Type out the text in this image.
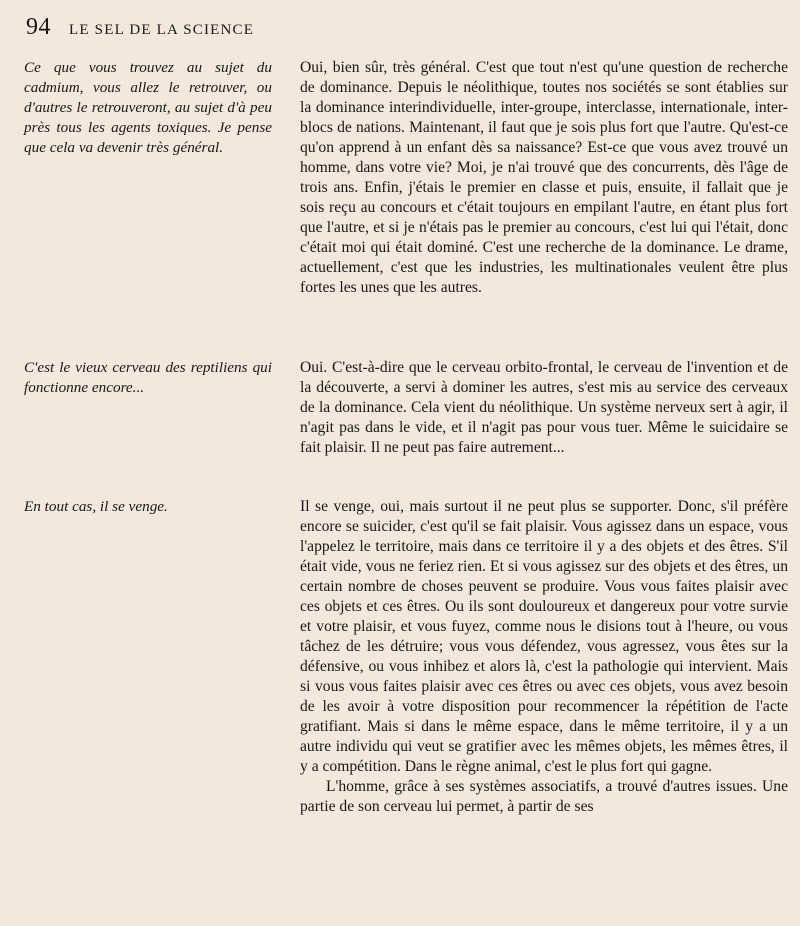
94 LE SEL DE LA SCIENCE
Ce que vous trouvez au sujet du cadmium, vous allez le retrouver, ou d'autres le retrouveront, au sujet d'à peu près tous les agents toxiques. Je pense que cela va devenir très général.

Oui, bien sûr, très général. C'est que tout n'est qu'une question de recherche de dominance. Depuis le néolithique, toutes nos sociétés se sont établies sur la dominance interindividuelle, inter-groupe, interclasse, internationale, inter-blocs de nations. Maintenant, il faut que je sois plus fort que l'autre. Qu'est-ce qu'on apprend à un enfant dès sa naissance? Est-ce que vous avez trouvé un homme, dans votre vie? Moi, je n'ai trouvé que des concurrents, dès l'âge de trois ans. Enfin, j'étais le premier en classe et puis, ensuite, il fallait que je sois reçu au concours et c'était toujours en empilant l'autre, en étant plus fort que l'autre, et si je n'étais pas le premier au concours, c'est lui qui l'était, donc c'était moi qui était dominé. C'est une recherche de la dominance. Le drame, actuellement, c'est que les industries, les multinationales veulent être plus fortes les unes que les autres.

C'est le vieux cerveau des reptiliens qui fonctionne encore...

Oui. C'est-à-dire que le cerveau orbito-frontal, le cerveau de l'invention et de la découverte, a servi à dominer les autres, s'est mis au service des cerveaux de la dominance. Cela vient du néolithique. Un système nerveux sert à agir, il n'agit pas dans le vide, et il n'agit pas pour vous tuer. Même le suicidaire se fait plaisir. Il ne peut pas faire autrement...

En tout cas, il se venge.	Il se venge, oui, mais surtout il ne peut plus se supporter. Donc, s'il préfère encore se suicider, c'est qu'il se fait plaisir. Vous agissez dans un espace, vous l'appelez le territoire, mais dans ce territoire il y a des objets et des êtres. S'il était vide, vous ne feriez rien. Et si vous agissez sur des objets et des êtres, un certain nombre de choses peuvent se produire. Vous vous faites plaisir avec ces objets et ces êtres. Ou ils sont douloureux et dangereux pour votre survie et votre plaisir, et vous fuyez, comme nous le disions tout à l'heure, ou vous tâchez de les détruire; vous vous défendez, vous agressez, vous êtes sur la défensive, ou vous inhibez et alors là, c'est la pathologie qui intervient. Mais si vous vous faites plaisir avec ces êtres ou avec ces objets, vous avez besoin de les avoir à votre disposition pour recommencer la répétition de l'acte gratifiant. Mais si dans le même espace, dans le même territoire, il y a un autre individu qui veut se gratifier avec les mêmes objets, les mêmes êtres, il y a compétition. Dans le règne animal, c'est le plus fort qui gagne.

L'homme, grâce à ses systèmes associatifs, a trouvé d'autres issues. Une partie de son cerveau lui permet, à partir de ses
